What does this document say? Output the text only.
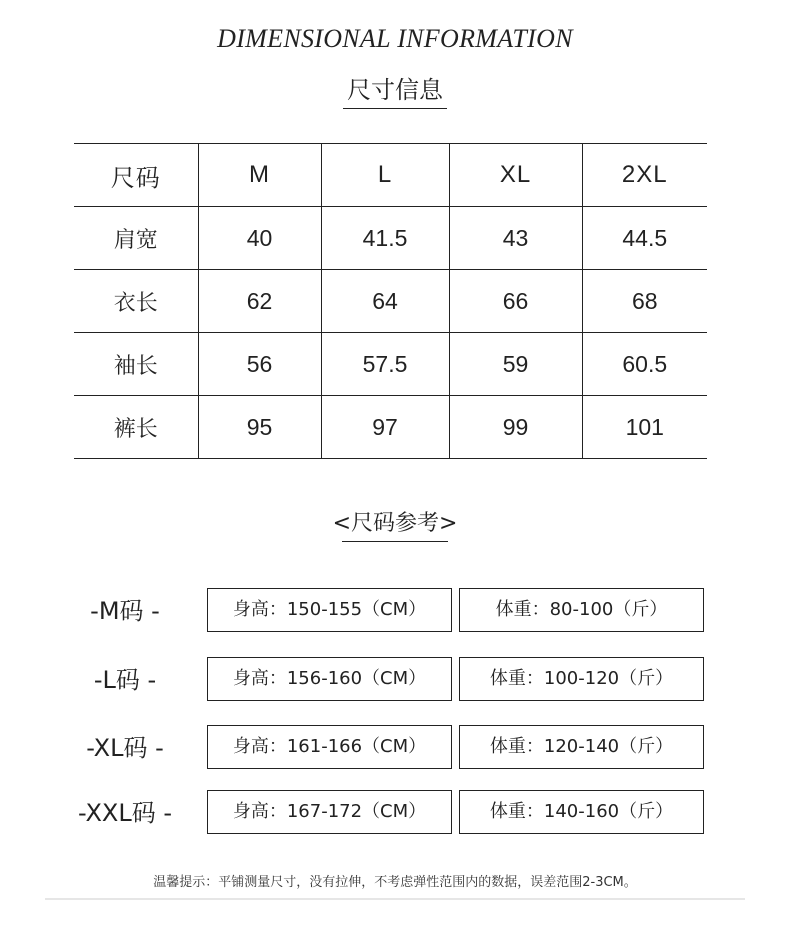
DIMENSIONAL INFORMATION
尺寸信息
尺码	M	L	XL	2XL
肩宽	40	41.5	43	44.5
衣长	62	64	66	68
袖长	56	57.5	59	60.5
裤长	95	97	99	101
<尺码参考>
-M码 -	身高：150-155（CM）	体重：80-100（斤）
-L码 -	身高：156-160（CM）	体重：100-120（斤）
-XL码 -	身高：161-166（CM）	体重：120-140（斤）
-XXL码 -	身高：167-172（CM）	体重：140-160（斤）
温馨提示：平铺测量尺寸，没有拉伸，不考虑弹性范围内的数据，误差范围2-3CM。
